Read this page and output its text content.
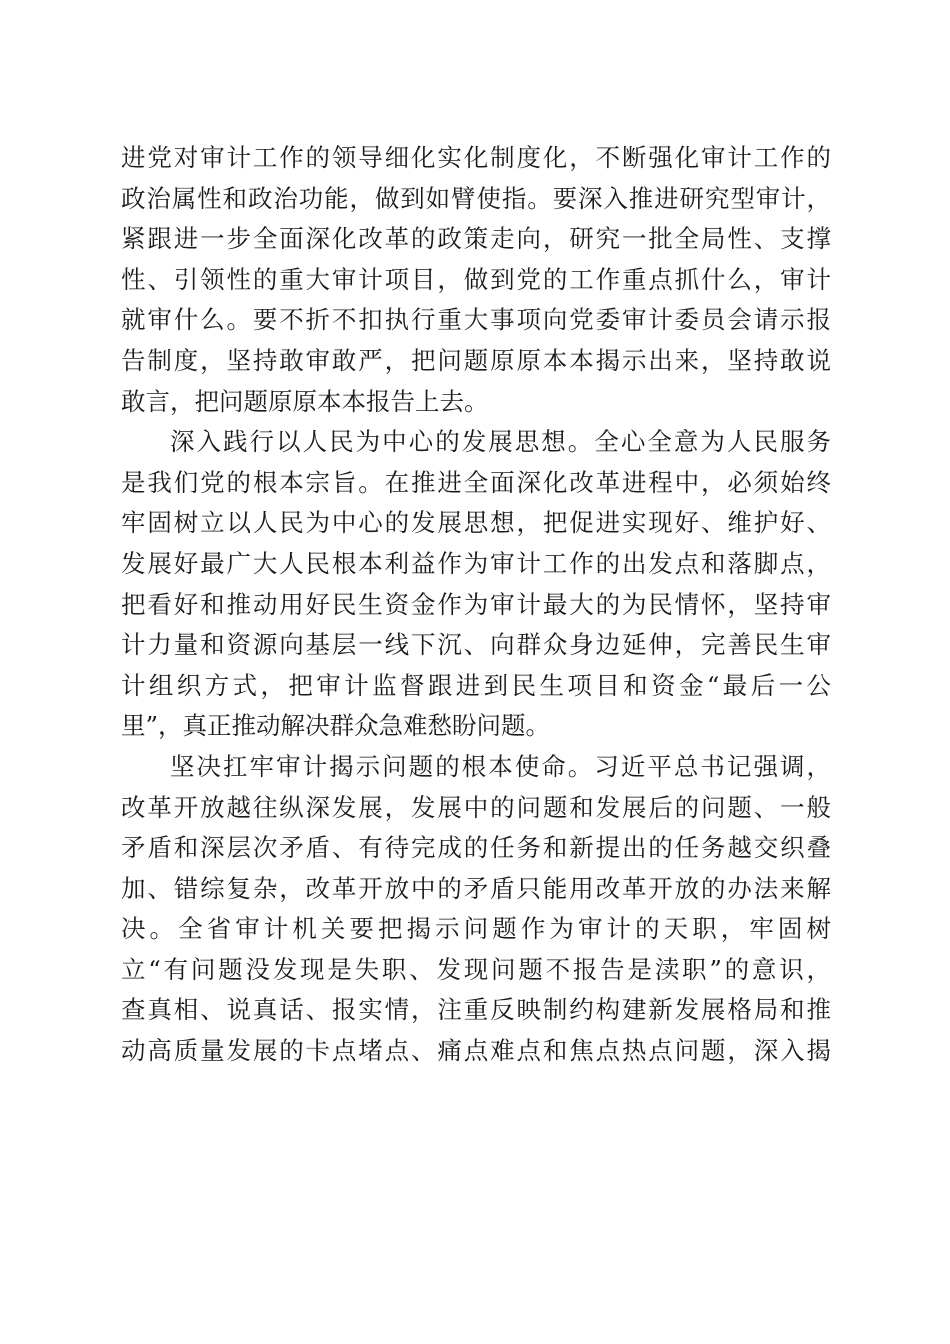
进党对审计工作的领导细化实化制度化，不断强化审计工作的
政治属性和政治功能，做到如臂使指。要深入推进研究型审计，
紧跟进一步全面深化改革的政策走向，研究一批全局性、支撑
性、引领性的重大审计项目，做到党的工作重点抓什么，审计
就审什么。要不折不扣执行重大事项向党委审计委员会请示报
告制度，坚持敢审敢严，把问题原原本本揭示出来，坚持敢说
敢言，把问题原原本本报告上去。
深入践行以人民为中心的发展思想。全心全意为人民服务
是我们党的根本宗旨。在推进全面深化改革进程中，必须始终
牢固树立以人民为中心的发展思想，把促进实现好、维护好、
发展好最广大人民根本利益作为审计工作的出发点和落脚点，
把看好和推动用好民生资金作为审计最大的为民情怀，坚持审
计力量和资源向基层一线下沉、向群众身边延伸，完善民生审
计组织方式，把审计监督跟进到民生项目和资金“最后一公
里”，真正推动解决群众急难愁盼问题。
坚决扛牢审计揭示问题的根本使命。习近平总书记强调，
改革开放越往纵深发展，发展中的问题和发展后的问题、一般
矛盾和深层次矛盾、有待完成的任务和新提出的任务越交织叠
加、错综复杂，改革开放中的矛盾只能用改革开放的办法来解
决。全省审计机关要把揭示问题作为审计的天职，牢固树
立“有问题没发现是失职、发现问题不报告是渎职”的意识，
查真相、说真话、报实情，注重反映制约构建新发展格局和推
动高质量发展的卡点堵点、痛点难点和焦点热点问题，深入揭
